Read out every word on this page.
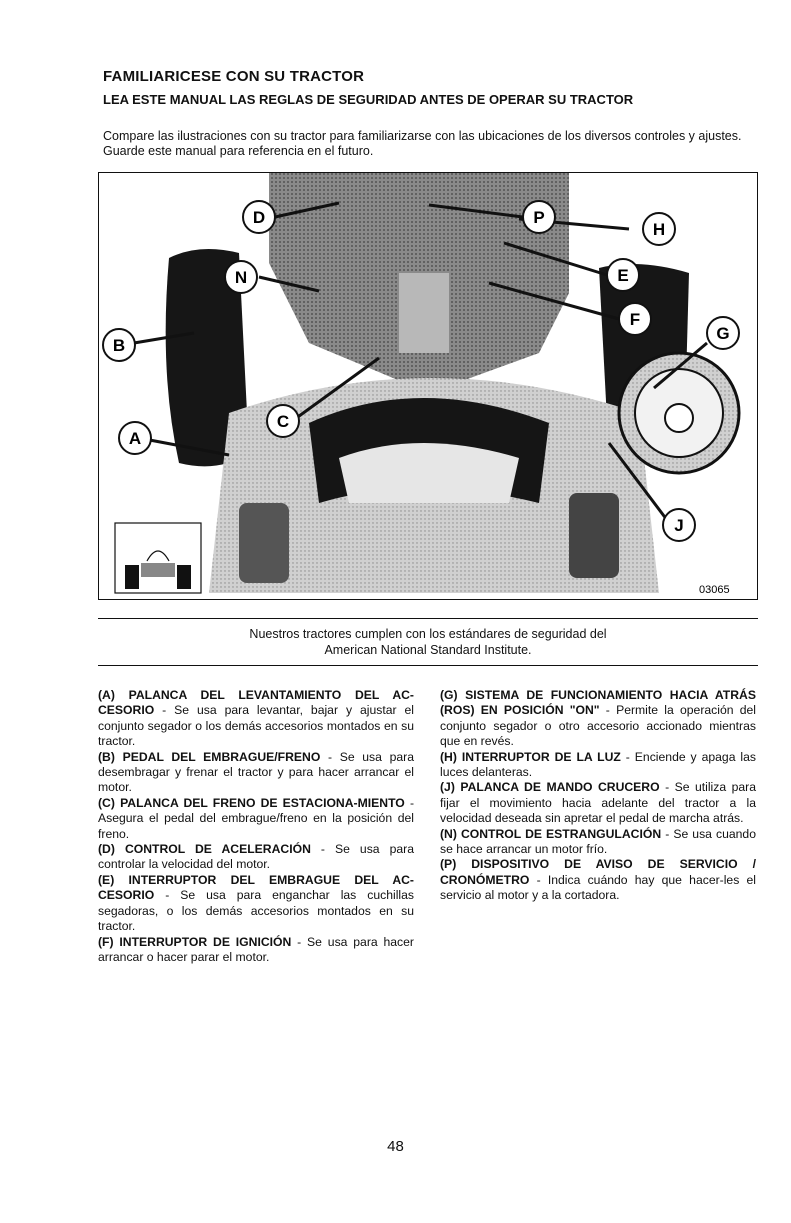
FAMILIARICESE CON SU TRACTOR
LEA ESTE MANUAL LAS REGLAS DE SEGURIDAD ANTES DE OPERAR SU TRACTOR
Compare las ilustraciones con su tractor para familiarizarse con las ubicaciones de los diversos controles y ajustes. Guarde este manual para referencia en el futuro.
03065
D	P
H
N	E
F
B
G
C
A
J
Nuestros tractores cumplen con los estándares de seguridad del
American National Standard Institute.

(A) PALANCA DEL LEVANTAMIENTO DEL AC-CESORIO - Se usa para levantar, bajar y ajustar el conjunto segador o los demás accesorios montados en su tractor.

(B) PEDAL DEL EMBRAGUE/FRENO - Se usa para desembragar y frenar el tractor y para hacer arrancar el motor.

(C) PALANCA DEL FRENO DE ESTACIONA-MIENTO - Asegura el pedal del embrague/freno en la posición del freno.

(D) CONTROL DE ACELERACIÓN - Se usa para controlar la velocidad del motor.

(E) INTERRUPTOR DEL EMBRAGUE DEL AC-CESORIO - Se usa para enganchar las cuchillas segadoras, o los demás accesorios montados en su tractor.

(F) INTERRUPTOR DE IGNICIÓN - Se usa para hacer arrancar o hacer parar el motor.

(G) SISTEMA DE FUNCIONAMIENTO HACIA ATRÁS (ROS) EN POSICIÓN "ON" - Permite la operación del conjunto segador o otro accesorio accionado mientras que en revés.

(H) INTERRUPTOR DE LA LUZ - Enciende y apaga las luces delanteras.

(J) PALANCA DE MANDO CRUCERO - Se utiliza para fijar el movimiento hacia adelante del tractor a la velocidad deseada sin apretar el pedal de marcha atrás.

(N) CONTROL DE ESTRANGULACIÓN - Se usa cuando se hace arrancar un motor frío.

(P) DISPOSITIVO DE AVISO DE SERVICIO / CRONÓMETRO - Indica cuándo hay que hacer-les el servicio al motor y a la cortadora.

48
